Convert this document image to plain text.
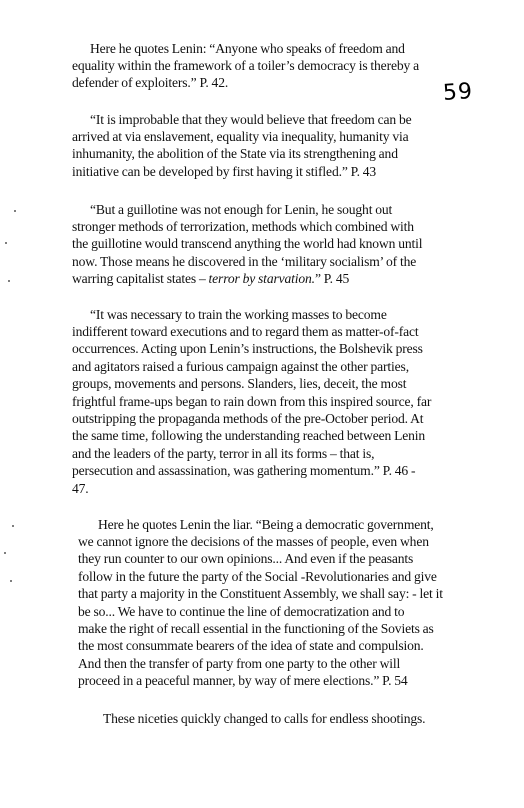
59
Here he quotes Lenin: “Anyone who speaks of freedom and
equality within the framework of a toiler’s democracy is thereby a
defender of exploiters.” P. 42.
“It is improbable that they would believe that freedom can be
arrived at via enslavement, equality via inequality, humanity via
inhumanity, the abolition of the State via its strengthening and
initiative can be developed by first having it stifled.” P. 43
“But a guillotine was not enough for Lenin, he sought out
stronger methods of terrorization, methods which combined with
the guillotine would transcend anything the world had known until
now. Those means he discovered in the ‘military socialism’ of the
warring capitalist states – terror by starvation.” P. 45
“It was necessary to train the working masses to become
indifferent toward executions and to regard them as matter-of-fact
occurrences. Acting upon Lenin’s instructions, the Bolshevik press
and agitators raised a furious campaign against the other parties,
groups, movements and persons. Slanders, lies, deceit, the most
frightful frame-ups began to rain down from this inspired source, far
outstripping the propaganda methods of the pre-October period. At
the same time, following the understanding reached between Lenin
and the leaders of the party, terror in all its forms – that is,
persecution and assassination, was gathering momentum.” P. 46 -
47.
Here he quotes Lenin the liar. “Being a democratic government,
we cannot ignore the decisions of the masses of people, even when
they run counter to our own opinions... And even if the peasants
follow in the future the party of the Social -Revolutionaries and give
that party a majority in the Constituent Assembly, we shall say: - let it
be so... We have to continue the line of democratization and to
make the right of recall essential in the functioning of the Soviets as
the most consummate bearers of the idea of state and compulsion.
And then the transfer of party from one party to the other will
proceed in a peaceful manner, by way of mere elections.” P. 54
These niceties quickly changed to calls for endless shootings.
